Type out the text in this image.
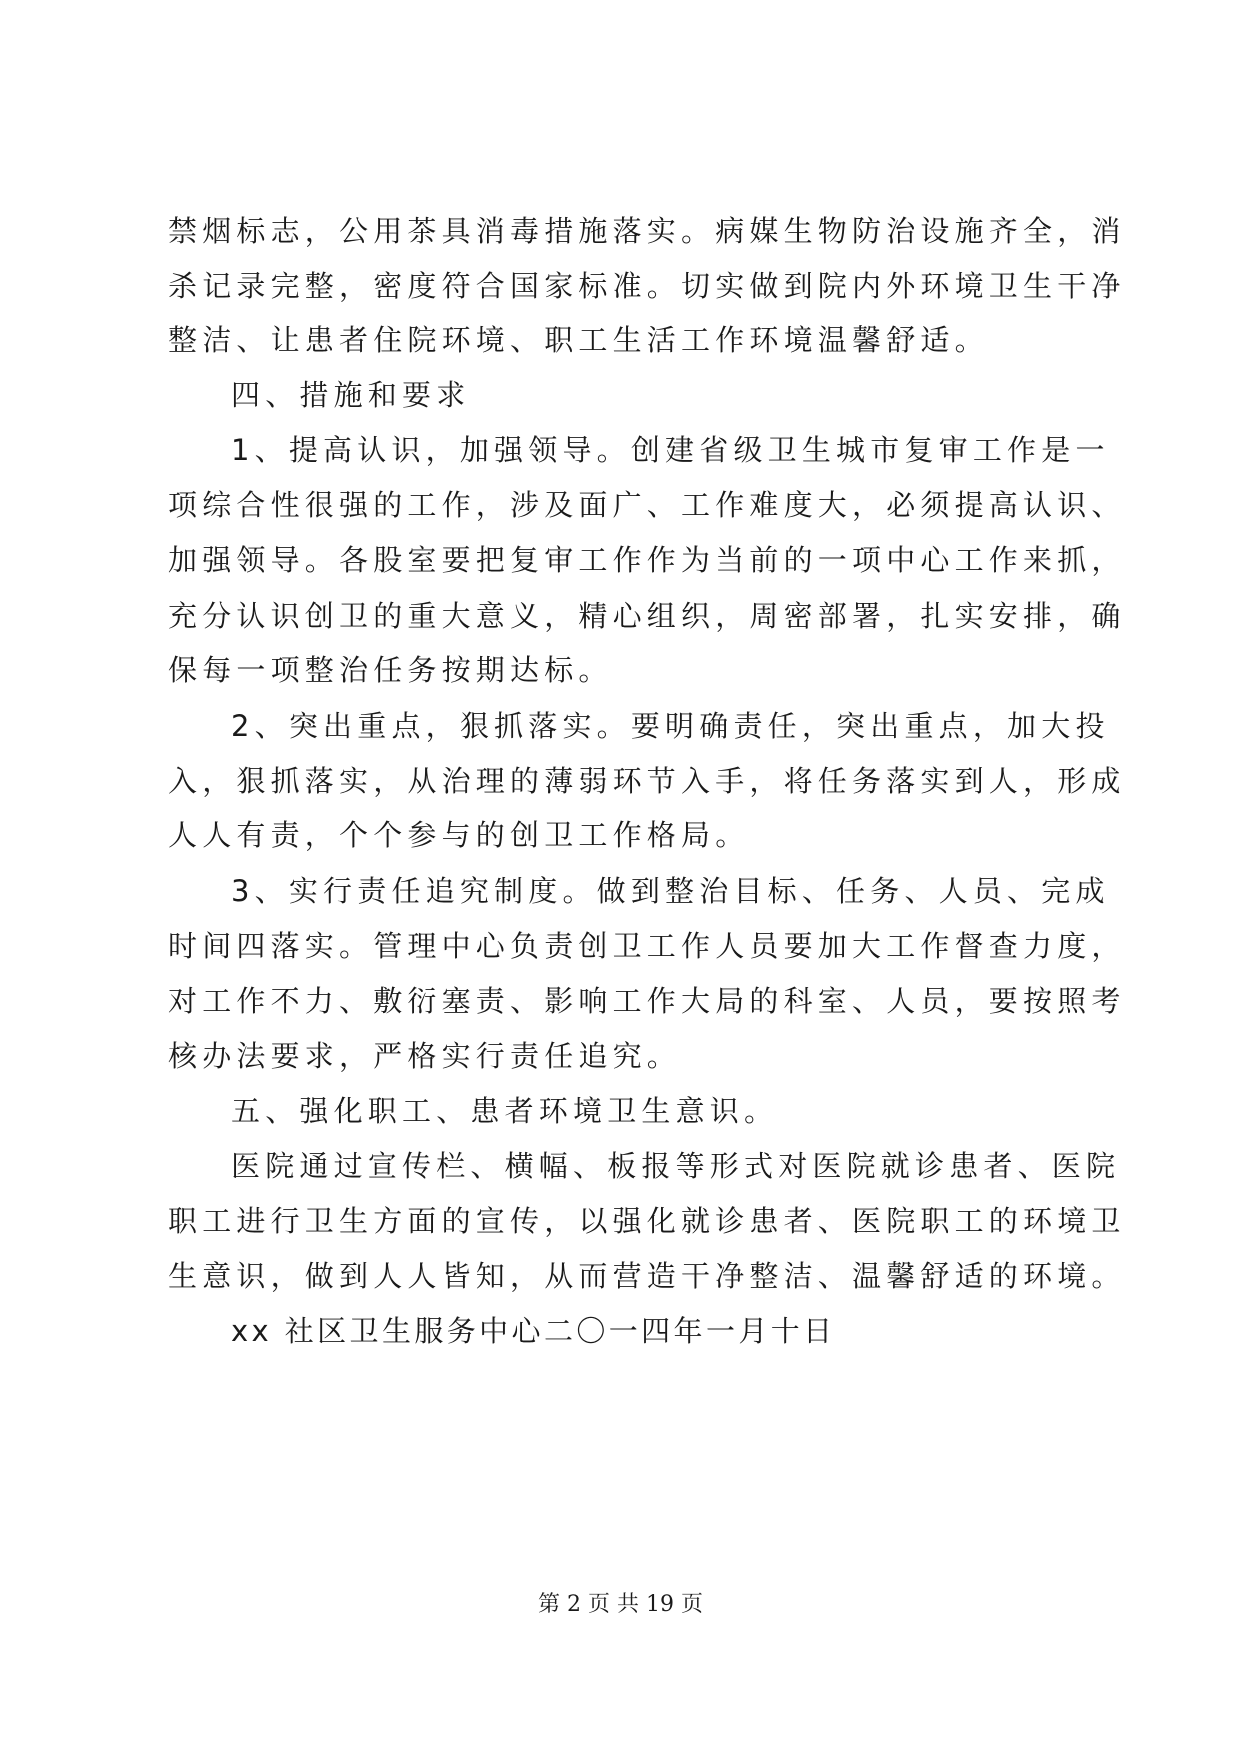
禁烟标志，公用茶具消毒措施落实。病媒生物防治设施齐全，消
杀记录完整，密度符合国家标准。切实做到院内外环境卫生干净
整洁、让患者住院环境、职工生活工作环境温馨舒适。
四、措施和要求
1、提高认识，加强领导。创建省级卫生城市复审工作是一
项综合性很强的工作，涉及面广、工作难度大，必须提高认识、
加强领导。各股室要把复审工作作为当前的一项中心工作来抓，
充分认识创卫的重大意义，精心组织，周密部署，扎实安排，确
保每一项整治任务按期达标。
2、突出重点，狠抓落实。要明确责任，突出重点，加大投
入，狠抓落实，从治理的薄弱环节入手，将任务落实到人，形成
人人有责，个个参与的创卫工作格局。
3、实行责任追究制度。做到整治目标、任务、人员、完成
时间四落实。管理中心负责创卫工作人员要加大工作督查力度，
对工作不力、敷衍塞责、影响工作大局的科室、人员，要按照考
核办法要求，严格实行责任追究。
五、强化职工、患者环境卫生意识。
医院通过宣传栏、横幅、板报等形式对医院就诊患者、医院
职工进行卫生方面的宣传，以强化就诊患者、医院职工的环境卫
生意识，做到人人皆知，从而营造干净整洁、温馨舒适的环境。
xx 社区卫生服务中心二〇一四年一月十日
第 2 页 共 19 页
